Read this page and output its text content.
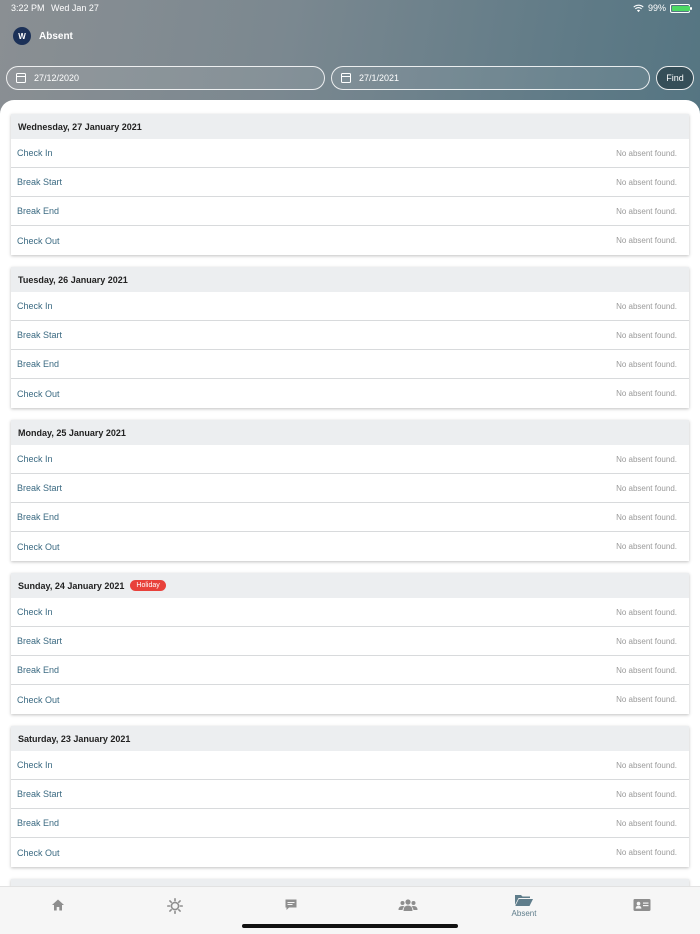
3:22 PM Wed Jan 27	99%
W	Absent
27/12/2020	27/1/2021	Find
Wednesday, 27 January 2021
Check In	No absent found.
Break Start	No absent found.
Break End	No absent found.
Check Out	No absent found.
Tuesday, 26 January 2021
Check In	No absent found.
Break Start	No absent found.
Break End	No absent found.
Check Out	No absent found.
Monday, 25 January 2021
Check In	No absent found.
Break Start	No absent found.
Break End	No absent found.
Check Out	No absent found.
Sunday, 24 January 2021	Holiday
Check In	No absent found.
Break Start	No absent found.
Break End	No absent found.
Check Out	No absent found.
Saturday, 23 January 2021
Check In	No absent found.
Break Start	No absent found.
Break End	No absent found.
Check Out	No absent found.
Absent
